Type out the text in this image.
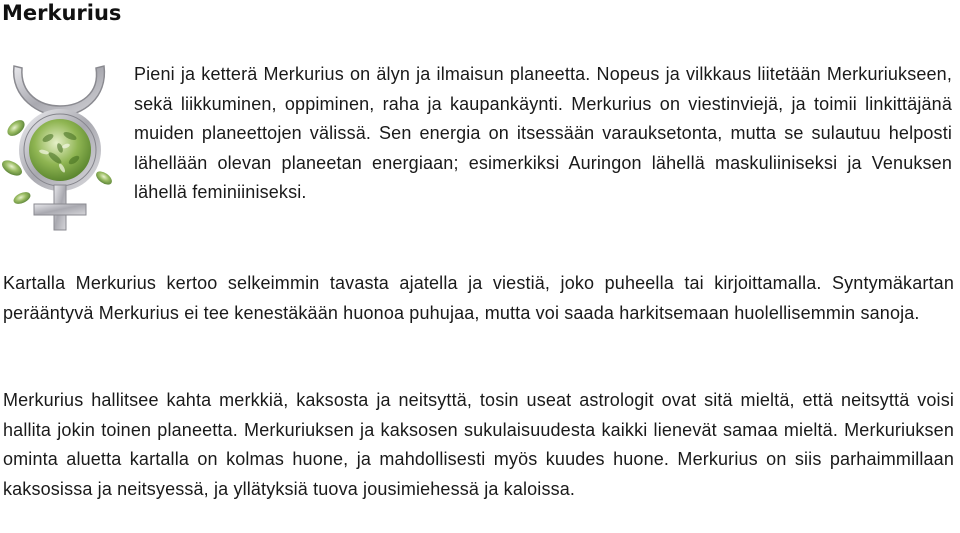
Merkurius

Pieni ja ketterä Merkurius on älyn ja ilmaisun planeetta. Nopeus ja vilkkaus liitetään Merkuriukseen, sekä liikkuminen, oppiminen, raha ja kaupankäynti. Merkurius on viestinviejä, ja toimii linkittäjänä muiden planeettojen välissä. Sen energia on itsessään varauksetonta, mutta se sulautuu helposti lähellään olevan planeetan energiaan; esimerkiksi Auringon lähellä maskuliiniseksi ja Venuksen lähellä feminiiniseksi.

Kartalla Merkurius kertoo selkeimmin tavasta ajatella ja viestiä, joko puheella tai kirjoittamalla. Syntymäkartan perääntyvä Merkurius ei tee kenestäkään huonoa puhujaa, mutta voi saada harkitsemaan huolellisemmin sanoja.

Merkurius hallitsee kahta merkkiä, kaksosta ja neitsyttä, tosin useat astrologit ovat sitä mieltä, että neitsyttä voisi hallita jokin toinen planeetta. Merkuriuksen ja kaksosen sukulaisuudesta kaikki lienevät samaa mieltä. Merkuriuksen ominta aluetta kartalla on kolmas huone, ja mahdollisesti myös kuudes huone. Merkurius on siis parhaimmillaan kaksosissa ja neitsyessä, ja yllätyksiä tuova jousimiehessä ja kaloissa.
